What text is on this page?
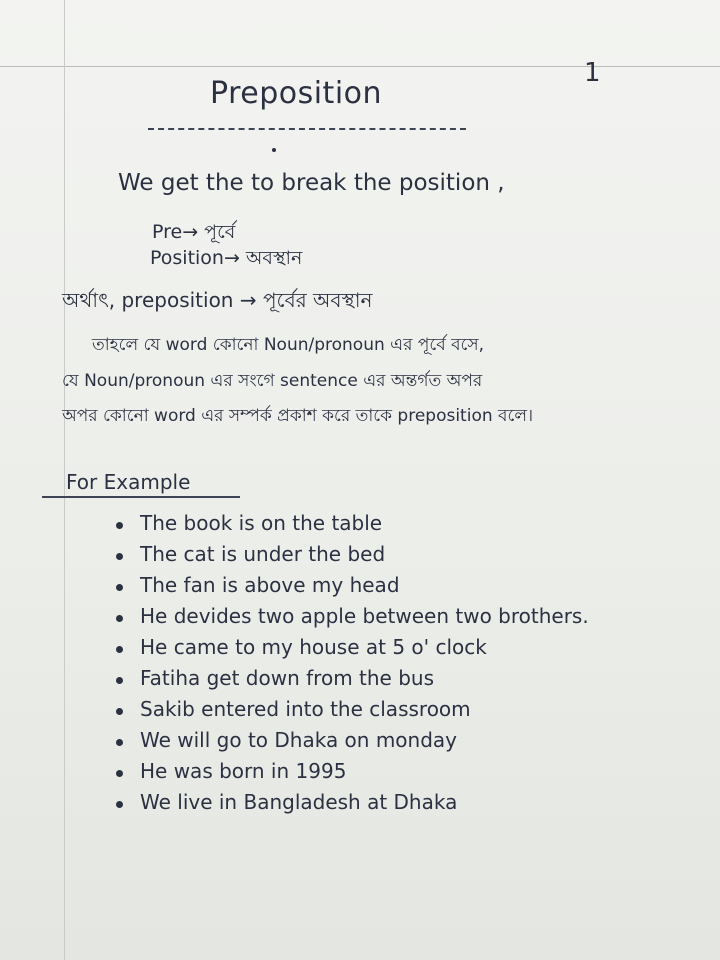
1
Preposition
We get the to break the position ,
Pre→ পূর্বে
Position→ অবস্থান
অর্থাৎ, preposition → পূর্বের অবস্থান
তাহলে যে word কোনো Noun/pronoun এর পূর্বে বসে,
যে Noun/pronoun এর সংগে sentence এর অন্তর্গত অপর
অপর কোনো word এর সম্পর্ক প্রকাশ করে তাকে preposition বলে।
For Example
The book is on the table
The cat is under the bed
The fan is above my head
He devides two apple between two brothers.
He came to my house at 5 o' clock
Fatiha get down from the bus
Sakib entered into the classroom
We will go to Dhaka on monday
He was born in 1995
We live in Bangladesh at Dhaka
